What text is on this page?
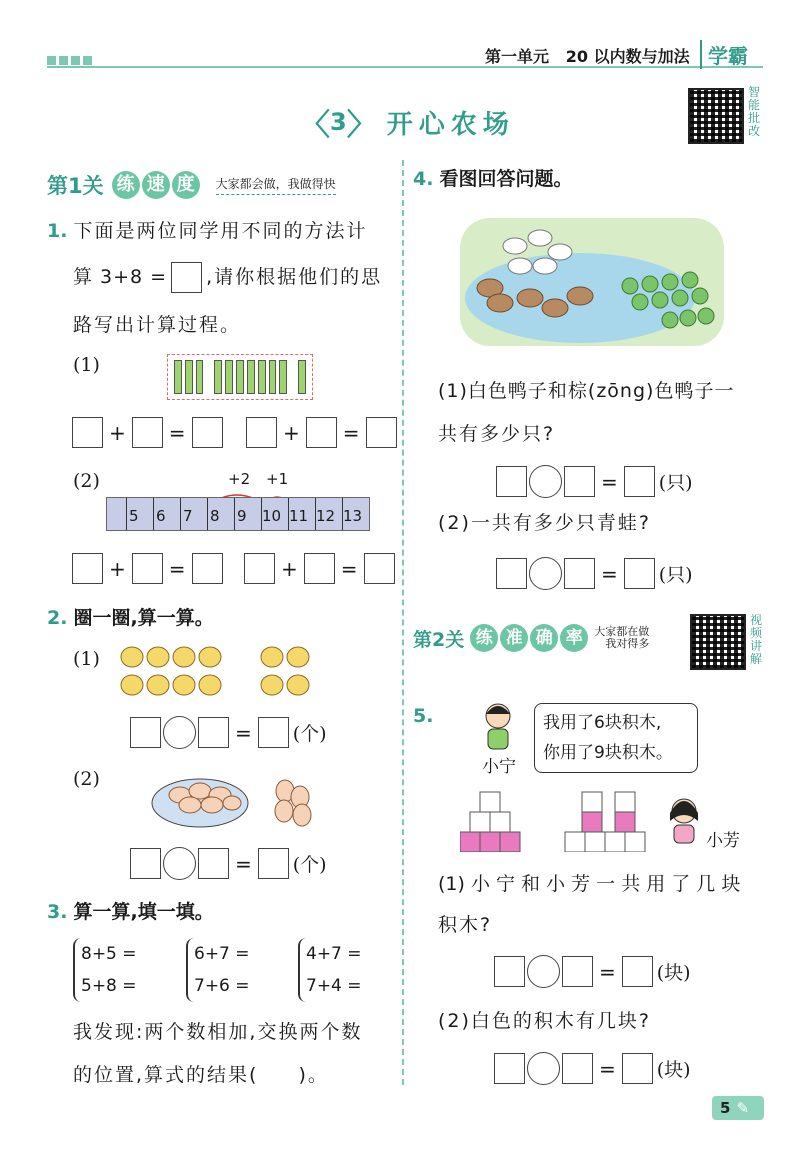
第一单元 20 以内数与加法 学霸
〈 3 〉 开心农场
智能批改
第1关 练 速 度	大家都会做，我做得快
1. 下面是两位同学用不同的方法计
算 3+8 = ,请你根据他们的思
路写出计算过程。
(1)
+ =	+ =
(2)	+2 +1
5	6	7	8	9	10 11 12 13
+ =	+ =
2. 圈一圈,算一算。
(1)
= (个)
(2)
= (个)
3. 算一算,填一填。
8+5 =
5+8 =
6+7 =
7+6 =
4+7 =
7+4 =
我发现:两个数相加,交换两个数
的位置,算式的结果( )。
4. 看图回答问题。
(1)白色鸭子和棕(zōng)色鸭子一
共有多少只?
= (只)
(2)一共有多少只青蛙?
= (只)
第2关 练 准 确 率	大家都在做
我对得多
视频讲解
5.
小宁
我用了6块积木,
你用了9块积木。
小芳
(1) 小 宁 和 小 芳 一 共 用 了 几 块
积木?
= (块)
(2)白色的积木有几块?
= (块)
5 ✎
